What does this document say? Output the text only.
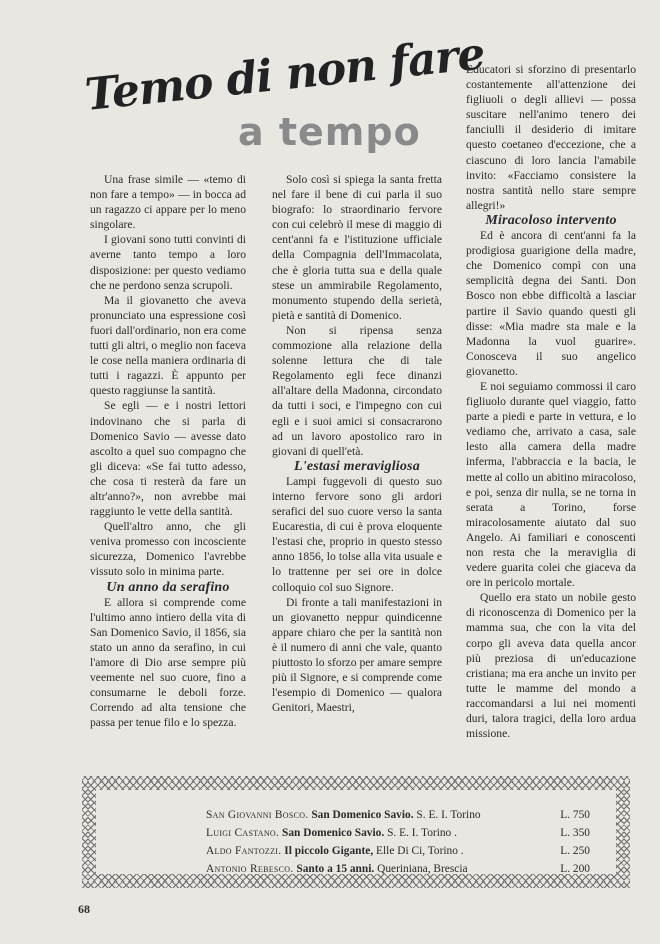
Temo di non fare
a tempo

Una frase simile — «temo di non fare a tempo» — in bocca ad un ragazzo ci appare per lo meno singolare.

I giovani sono tutti convinti di averne tanto tempo a loro disposizione: per questo vediamo che ne perdono senza scrupoli.

Ma il giovanetto che aveva pronunciato una espressione così fuori dall'ordinario, non era come tutti gli altri, o meglio non faceva le cose nella maniera ordinaria di tutti i ragazzi. È appunto per questo raggiunse la santità.

Se egli — e i nostri lettori indovinano che si parla di Domenico Savio — avesse dato ascolto a quel suo compagno che gli diceva: «Se fai tutto adesso, che cosa ti resterà da fare un altr'anno?», non avrebbe mai raggiunto le vette della santità.

Quell'altro anno, che gli veniva promesso con incosciente sicurezza, Domenico l'avrebbe vissuto solo in minima parte.

Un anno da serafino

E allora si comprende come l'ultimo anno intiero della vita di San Domenico Savio, il 1856, sia stato un anno da serafino, in cui l'amore di Dio arse sempre più veemente nel suo cuore, fino a consumarne le deboli forze. Correndo ad alta tensione che passa per tenue filo e lo spezza.

Solo così si spiega la santa fretta nel fare il bene di cui parla il suo biografo: lo straordinario fervore con cui celebrò il mese di maggio di cent'anni fa e l'istituzione ufficiale della Compagnia dell'Immacolata, che è gloria tutta sua e della quale stese un ammirabile Regolamento, monumento stupendo della serietà, pietà e santità di Domenico.

Non si ripensa senza commozione alla relazione della solenne lettura che di tale Regolamento egli fece dinanzi all'altare della Madonna, circondato da tutti i soci, e l'impegno con cui egli e i suoi amici si consacrarono ad un lavoro apostolico raro in giovani di quell'età.

L'estasi meravigliosa

Lampi fuggevoli di questo suo interno fervore sono gli ardori serafici del suo cuore verso la santa Eucarestia, di cui è prova eloquente l'estasi che, proprio in questo stesso anno 1856, lo tolse alla vita usuale e lo trattenne per sei ore in dolce colloquio col suo Signore.

Di fronte a tali manifestazioni in un giovanetto neppur quindicenne appare chiaro che per la santità non è il numero di anni che vale, quanto piuttosto lo sforzo per amare sempre più il Signore, e si comprende come l'esempio di Domenico — qualora Genitori, Maestri,

Educatori si sforzino di presentarlo costantemente all'attenzione dei figliuoli o degli allievi — possa suscitare nell'animo tenero dei fanciulli il desiderio di imitare questo coetaneo d'eccezione, che a ciascuno di loro lancia l'amabile invito: «Facciamo consistere la nostra santità nello stare sempre allegri!»

Miracoloso intervento

Ed è ancora di cent'anni fa la prodigiosa guarigione della madre, che Domenico compì con una semplicità degna dei Santi. Don Bosco non ebbe difficoltà a lasciar partire il Savio quando questi gli disse: «Mia madre sta male e la Madonna la vuol guarire». Conosceva il suo angelico giovanetto.

E noi seguiamo commossi il caro figliuolo durante quel viaggio, fatto parte a piedi e parte in vettura, e lo vediamo che, arrivato a casa, sale lesto alla camera della madre inferma, l'abbraccia e la bacia, le mette al collo un abitino miracoloso, e poi, senza dir nulla, se ne torna in serata a Torino, forse miracolosamente aiutato dal suo Angelo. Ai familiari e conoscenti non resta che la meraviglia di vedere guarita colei che giaceva da ore in pericolo mortale.

Quello era stato un nobile gesto di riconoscenza di Domenico per la mamma sua, che con la vita del corpo gli aveva data quella ancor più preziosa di un'educazione cristiana; ma era anche un invito per tutte le mamme del mondo a raccomandarsi a lui nei momenti duri, talora tragici, della loro ardua missione.

San Giovanni Bosco. San Domenico Savio. S. E. I. Torino	L. 750
Luigi Castano. San Domenico Savio. S. E. I. Torino .	L. 350
Aldo Fantozzi. Il piccolo Gigante, Elle Di Ci, Torino .	L. 250
Antonio Rebesco. Santo a 15 anni. Queriniana, Brescia	L. 200
68
